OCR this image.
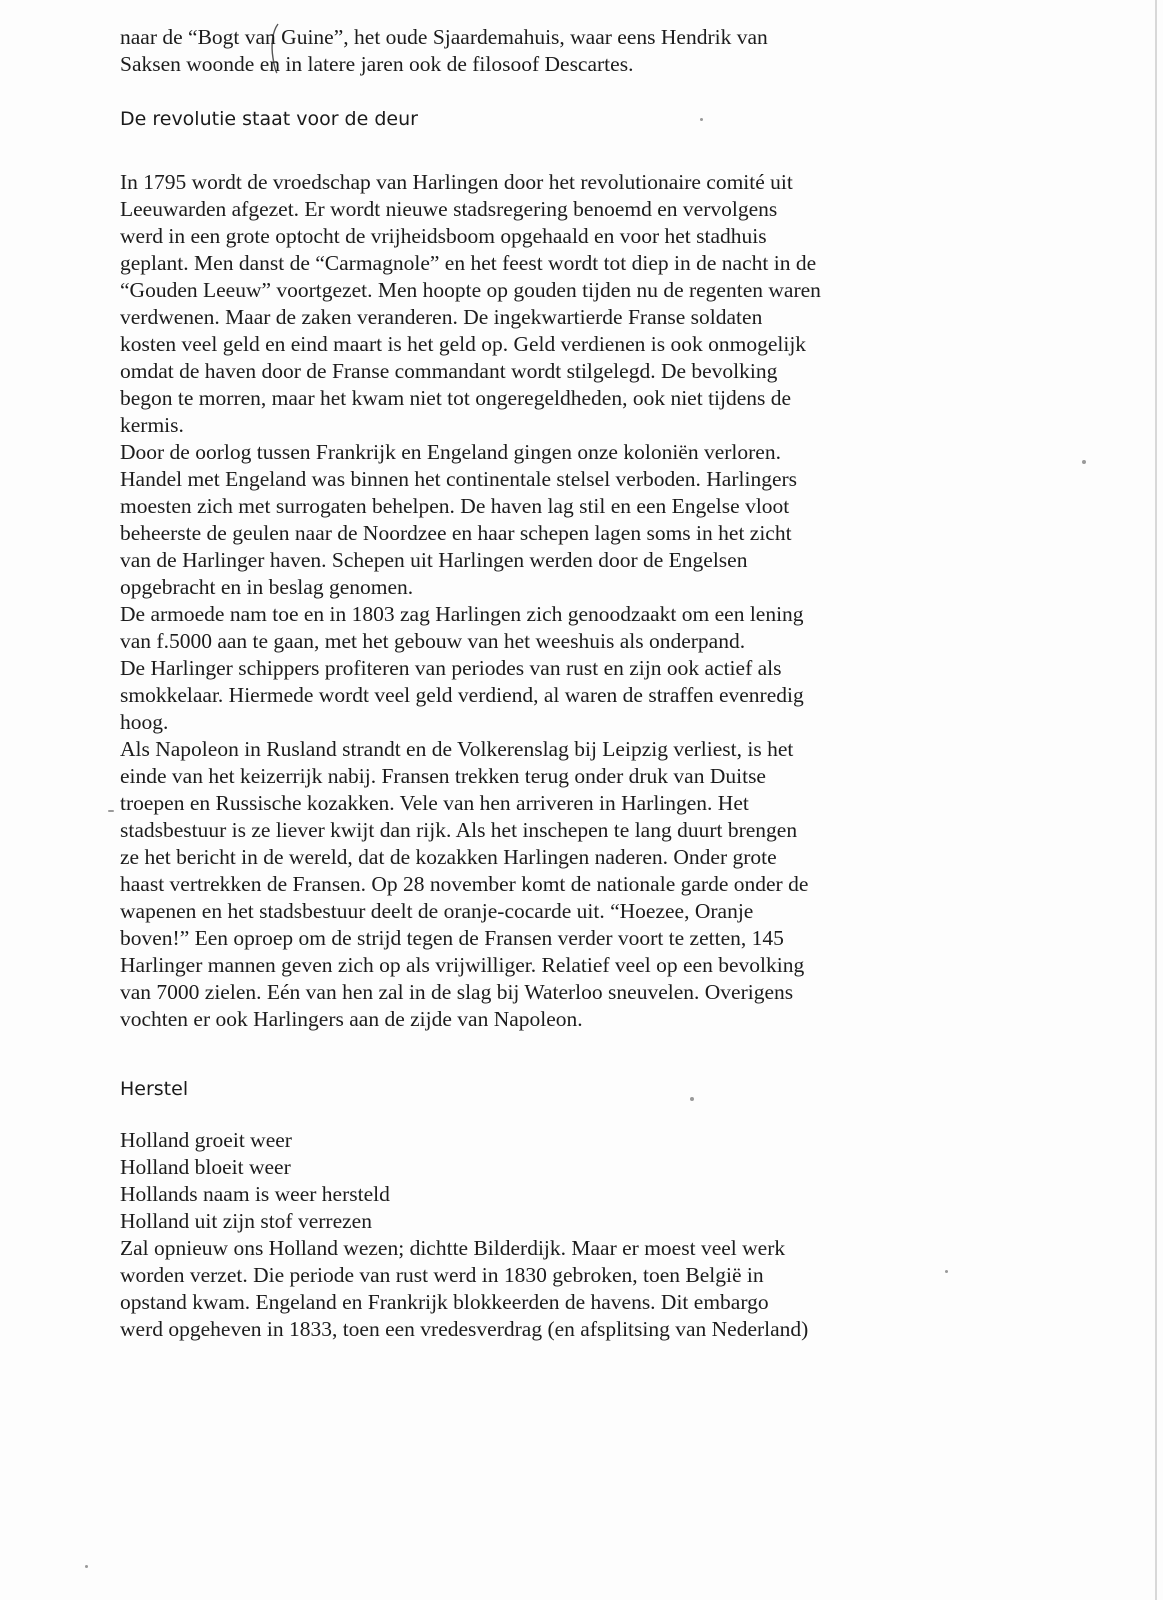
naar de “Bogt van Guine”, het oude Sjaardemahuis, waar eens Hendrik van
Saksen woonde en in latere jaren ook de filosoof Descartes.
De revolutie staat voor de deur
In 1795 wordt de vroedschap van Harlingen door het revolutionaire comité uit
Leeuwarden afgezet. Er wordt nieuwe stadsregering benoemd en vervolgens
werd in een grote optocht de vrijheidsboom opgehaald en voor het stadhuis
geplant. Men danst de “Carmagnole” en het feest wordt tot diep in de nacht in de
“Gouden Leeuw” voortgezet. Men hoopte op gouden tijden nu de regenten waren
verdwenen. Maar de zaken veranderen. De ingekwartierde Franse soldaten
kosten veel geld en eind maart is het geld op. Geld verdienen is ook onmogelijk
omdat de haven door de Franse commandant wordt stilgelegd. De bevolking
begon te morren, maar het kwam niet tot ongeregeldheden, ook niet tijdens de
kermis.
Door de oorlog tussen Frankrijk en Engeland gingen onze koloniën verloren.
Handel met Engeland was binnen het continentale stelsel verboden. Harlingers
moesten zich met surrogaten behelpen. De haven lag stil en een Engelse vloot
beheerste de geulen naar de Noordzee en haar schepen lagen soms in het zicht
van de Harlinger haven. Schepen uit Harlingen werden door de Engelsen
opgebracht en in beslag genomen.
De armoede nam toe en in 1803 zag Harlingen zich genoodzaakt om een lening
van f.5000 aan te gaan, met het gebouw van het weeshuis als onderpand.
De Harlinger schippers profiteren van periodes van rust en zijn ook actief als
smokkelaar. Hiermede wordt veel geld verdiend, al waren de straffen evenredig
hoog.
Als Napoleon in Rusland strandt en de Volkerenslag bij Leipzig verliest, is het
einde van het keizerrijk nabij. Fransen trekken terug onder druk van Duitse
troepen en Russische kozakken. Vele van hen arriveren in Harlingen. Het
stadsbestuur is ze liever kwijt dan rijk. Als het inschepen te lang duurt brengen
ze het bericht in de wereld, dat de kozakken Harlingen naderen. Onder grote
haast vertrekken de Fransen. Op 28 november komt de nationale garde onder de
wapenen en het stadsbestuur deelt de oranje-cocarde uit. “Hoezee, Oranje
boven!” Een oproep om de strijd tegen de Fransen verder voort te zetten, 145
Harlinger mannen geven zich op als vrijwilliger. Relatief veel op een bevolking
van 7000 zielen. Eén van hen zal in de slag bij Waterloo sneuvelen. Overigens
vochten er ook Harlingers aan de zijde van Napoleon.
Herstel
Holland groeit weer
Holland bloeit weer
Hollands naam is weer hersteld
Holland uit zijn stof verrezen
Zal opnieuw ons Holland wezen; dichtte Bilderdijk. Maar er moest veel werk
worden verzet. Die periode van rust werd in 1830 gebroken, toen België in
opstand kwam. Engeland en Frankrijk blokkeerden de havens. Dit embargo
werd opgeheven in 1833, toen een vredesverdrag (en afsplitsing van Nederland)
